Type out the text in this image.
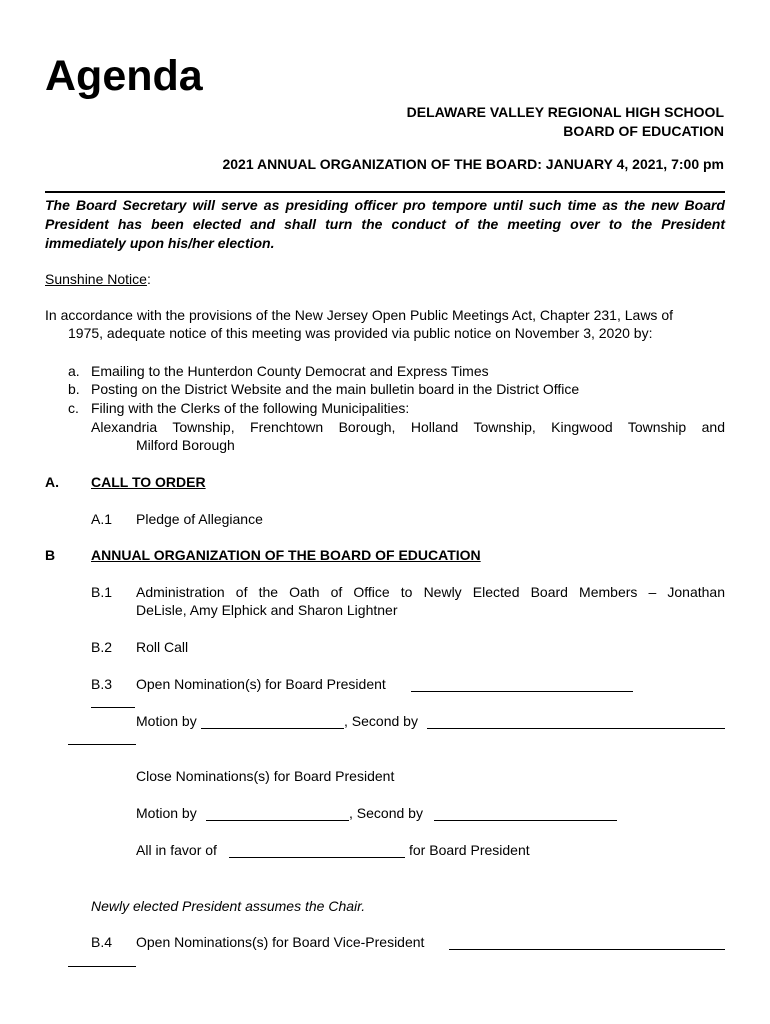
Agenda
DELAWARE VALLEY REGIONAL HIGH SCHOOL
BOARD OF EDUCATION
2021 ANNUAL ORGANIZATION OF THE BOARD: JANUARY 4, 2021, 7:00 pm
The Board Secretary will serve as presiding officer pro tempore until such time as the new Board President has been elected and shall turn the conduct of the meeting over to the President immediately upon his/her election.
Sunshine Notice:
In accordance with the provisions of the New Jersey Open Public Meetings Act, Chapter 231, Laws of
1975, adequate notice of this meeting was provided via public notice on November 3, 2020 by:
a. Emailing to the Hunterdon County Democrat and Express Times
b. Posting on the District Website and the main bulletin board in the District Office
c. Filing with the Clerks of the following Municipalities:
Alexandria Township, Frenchtown Borough, Holland Township, Kingwood Township and
Milford Borough
A. CALL TO ORDER
A.1 Pledge of Allegiance
B	ANNUAL ORGANIZATION OF THE BOARD OF EDUCATION
B.1 Administration of the Oath of Office to Newly Elected Board Members – Jonathan
DeLisle, Amy Elphick and Sharon Lightner
B.2 Roll Call
B.3 Open Nomination(s) for Board President
Motion by	, Second by
Close Nominations(s) for Board President
Motion by	, Second by
All in favor of	for Board President
Newly elected President assumes the Chair.
B.4 Open Nominations(s) for Board Vice-President
